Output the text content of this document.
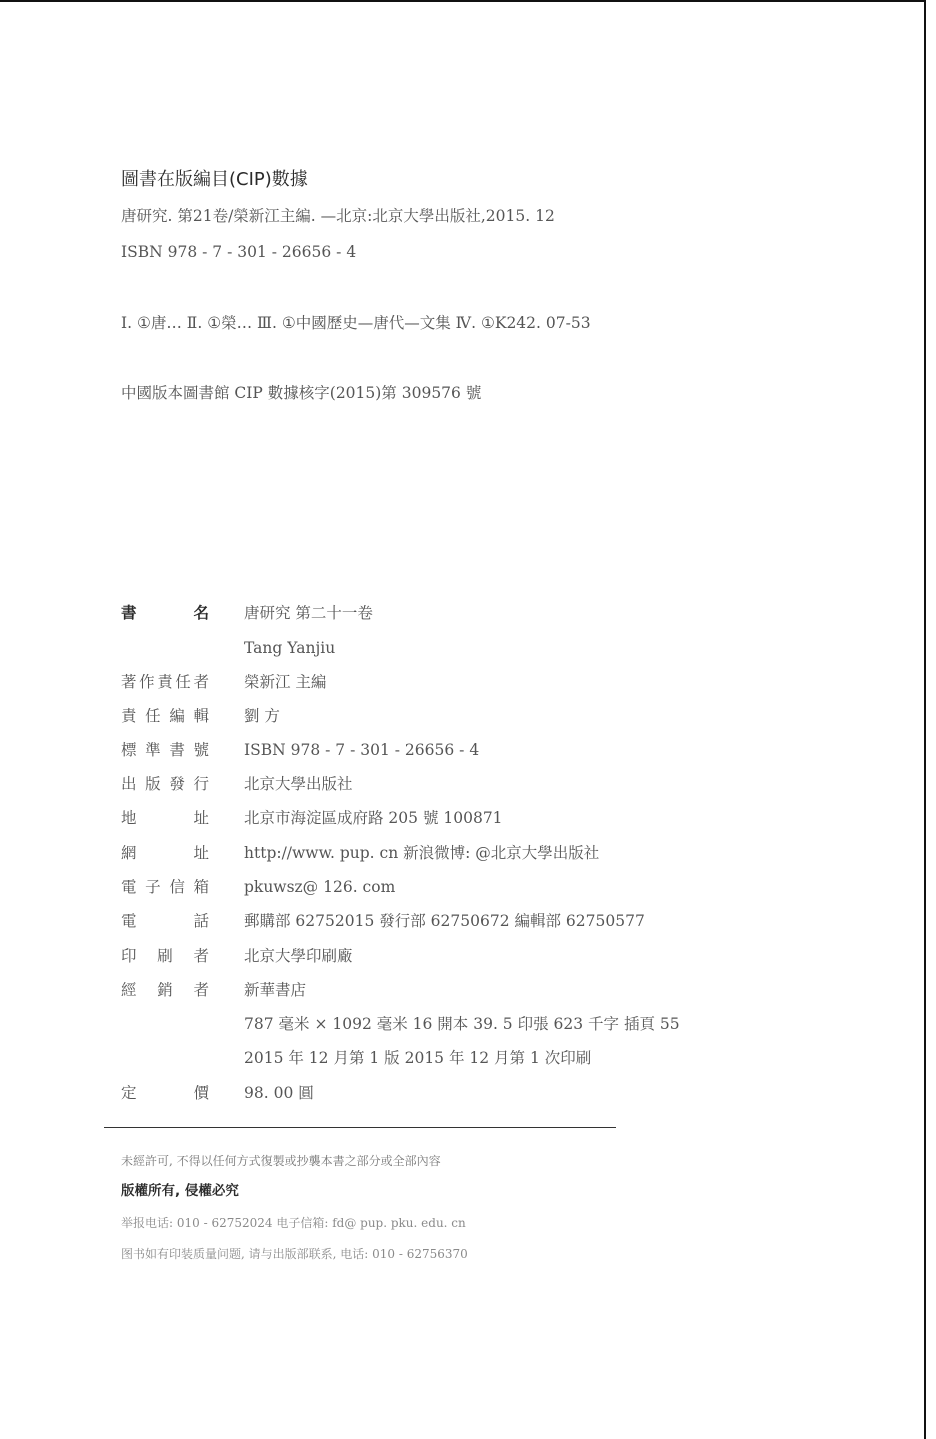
圖書在版編目(CIP)數據
唐研究. 第21卷/榮新江主編. —北京:北京大學出版社,2015. 12
ISBN 978 - 7 - 301 - 26656 - 4
Ⅰ. ①唐… Ⅱ. ①榮… Ⅲ. ①中國歷史—唐代—文集 Ⅳ. ①K242. 07-53
中國版本圖書館 CIP 數據核字(2015)第 309576 號
書名 唐研究 第二十一卷
Tang Yanjiu
著作責任者 榮新江 主編
責任編輯 劉 方
標準書號 ISBN 978 - 7 - 301 - 26656 - 4
出版發行 北京大學出版社
地址 北京市海淀區成府路 205 號 100871
網址 http://www. pup. cn 新浪微博: @北京大學出版社
電子信箱 pkuwsz@ 126. com
電話 郵購部 62752015 發行部 62750672 編輯部 62750577
印刷者 北京大學印刷廠
經銷者 新華書店
787 毫米 × 1092 毫米 16 開本 39. 5 印張 623 千字 插頁 55
2015 年 12 月第 1 版 2015 年 12 月第 1 次印刷
定價 98. 00 圓
未經許可, 不得以任何方式復製或抄襲本書之部分或全部內容
版權所有, 侵權必究
举报电话: 010 - 62752024 电子信箱: fd@ pup. pku. edu. cn
图书如有印装质量问题, 请与出版部联系, 电话: 010 - 62756370
